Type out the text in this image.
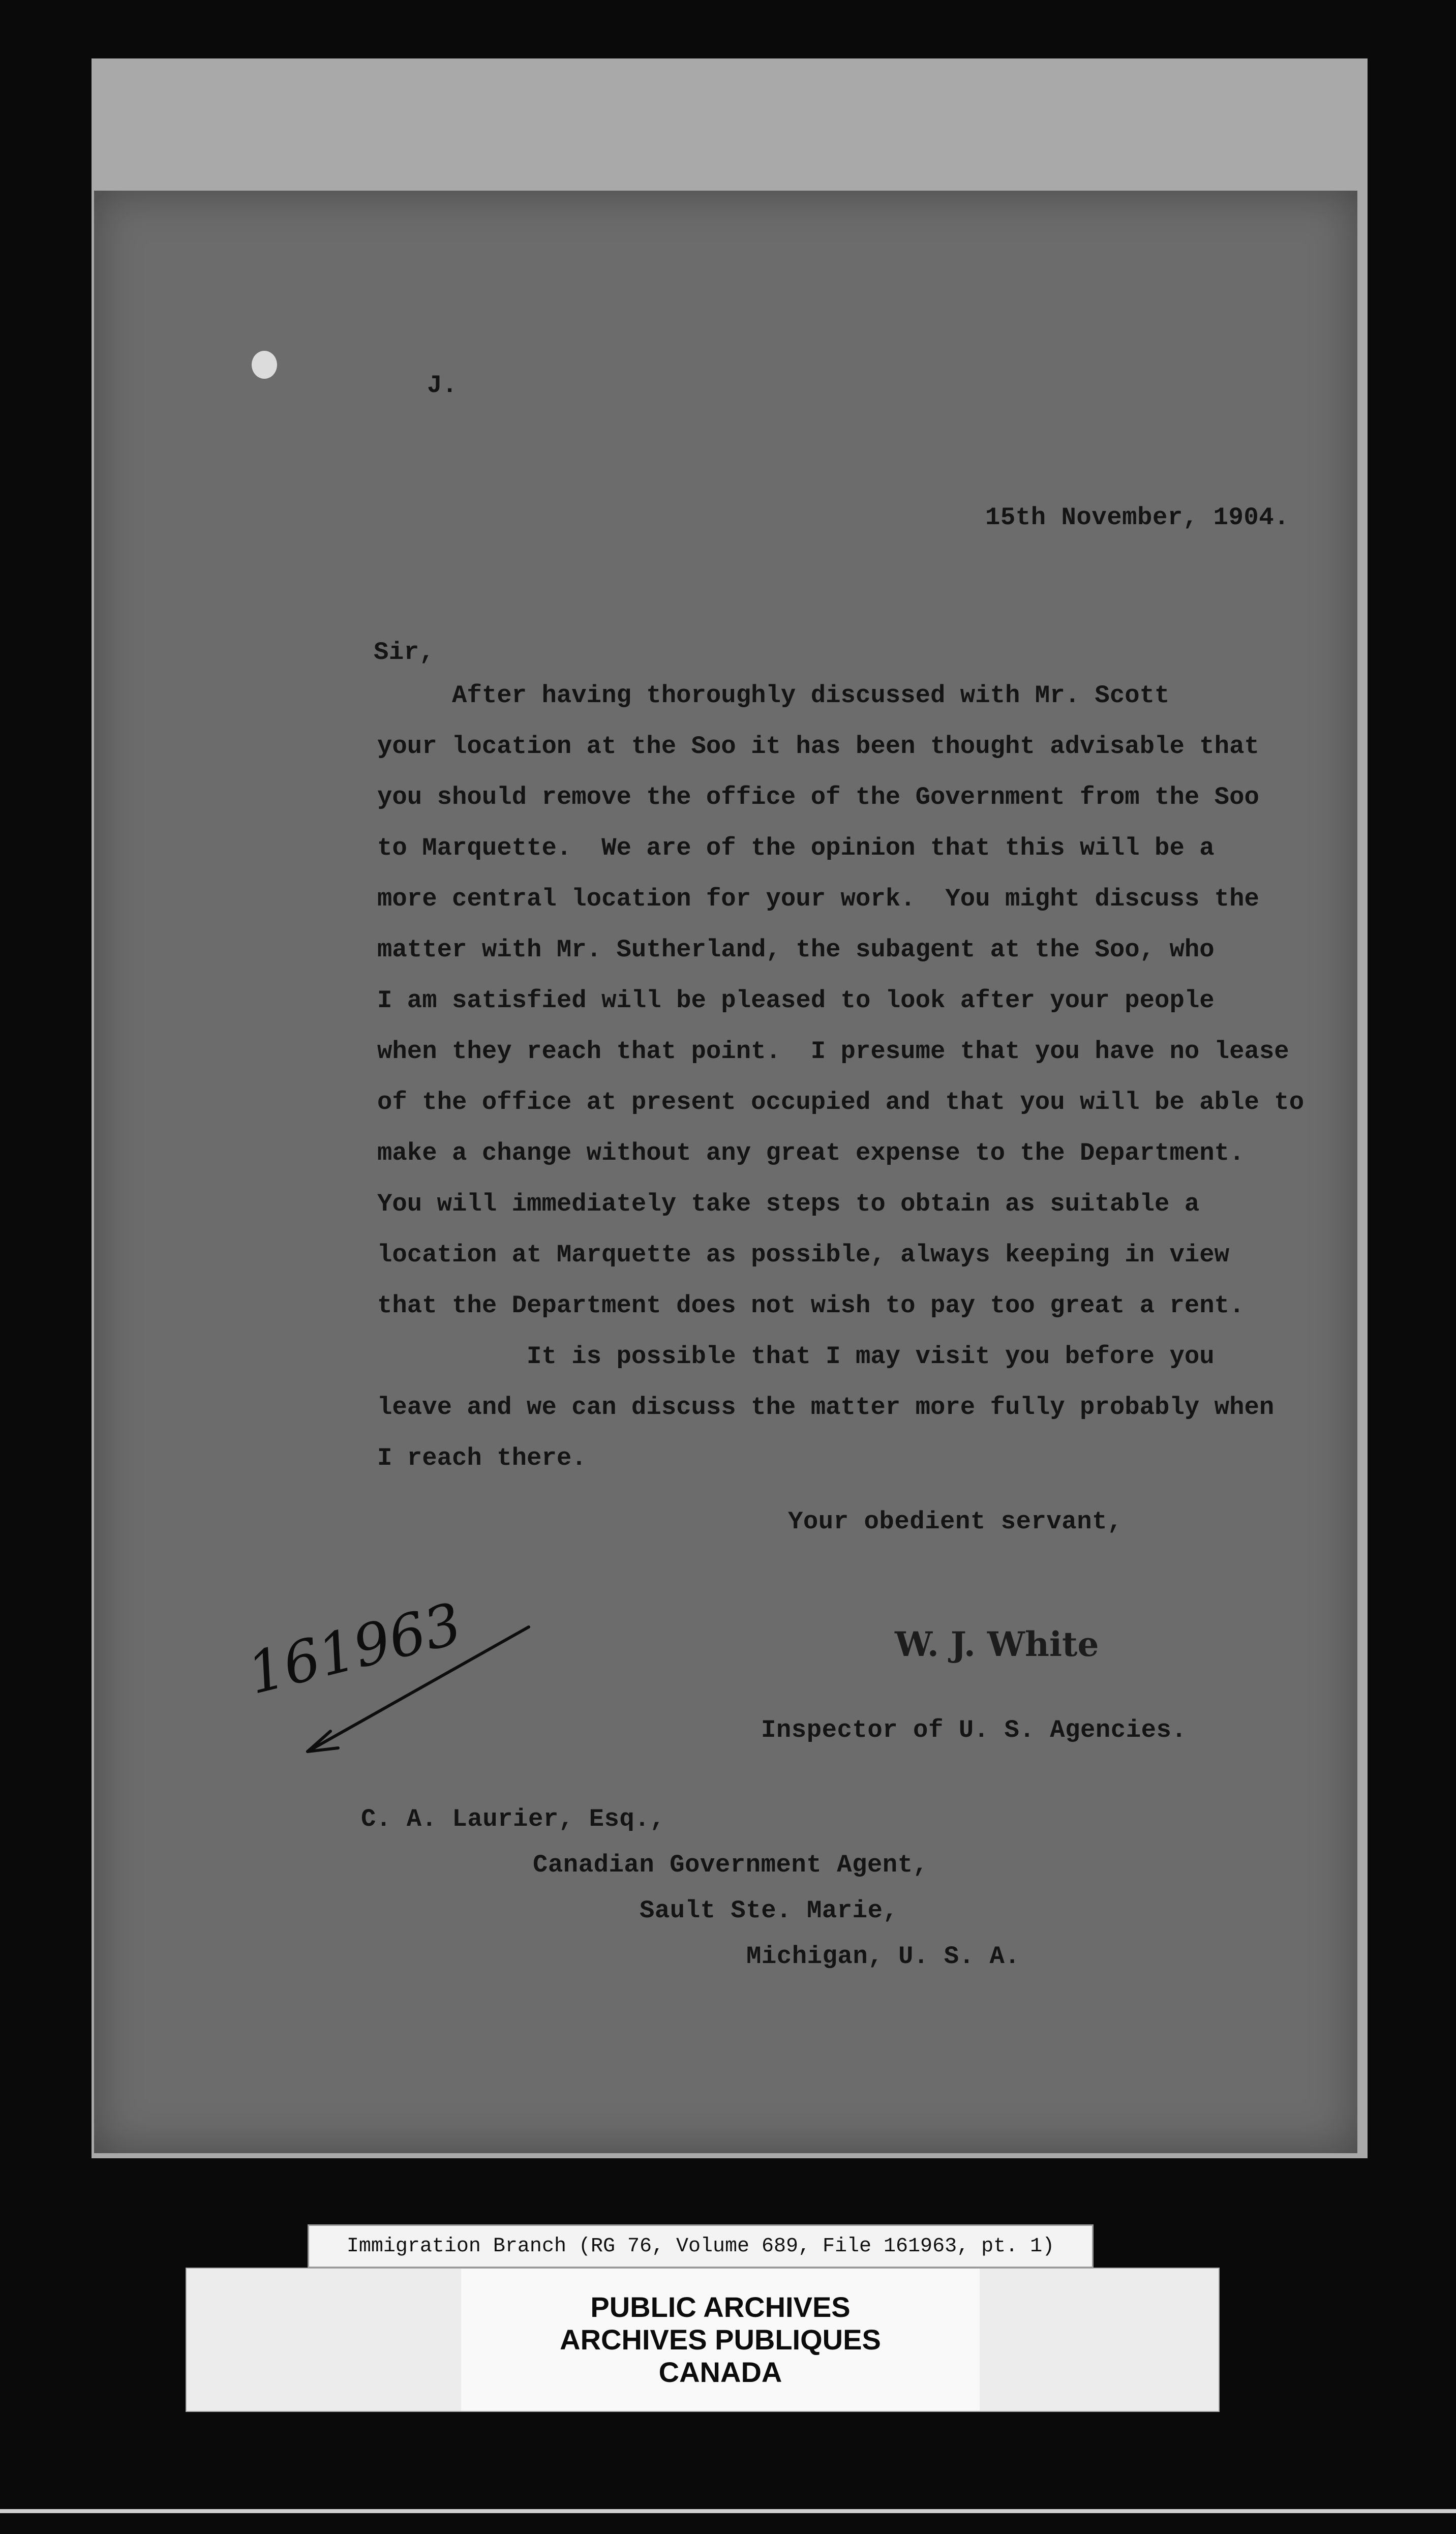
J.
15th November, 1904.
Sir,
After having thoroughly discussed with Mr. Scott
your location at the Soo it has been thought advisable that
you should remove the office of the Government from the Soo
to Marquette.  We are of the opinion that this will be a
more central location for your work.  You might discuss the
matter with Mr. Sutherland, the subagent at the Soo, who
I am satisfied will be pleased to look after your people
when they reach that point.  I presume that you have no lease
of the office at present occupied and that you will be able to
make a change without any great expense to the Department.
You will immediately take steps to obtain as suitable a
location at Marquette as possible, always keeping in view
that the Department does not wish to pay too great a rent.
It is possible that I may visit you before you
leave and we can discuss the matter more fully probably when
I reach there.
Your obedient servant,
W. J. White
Inspector of U. S. Agencies.
161963
C. A. Laurier, Esq.,
Canadian Government Agent,
Sault Ste. Marie,
Michigan, U. S. A.
PUBLIC ARCHIVES
ARCHIVES PUBLIQUES
CANADA
Immigration Branch (RG 76, Volume 689, File 161963, pt. 1)
